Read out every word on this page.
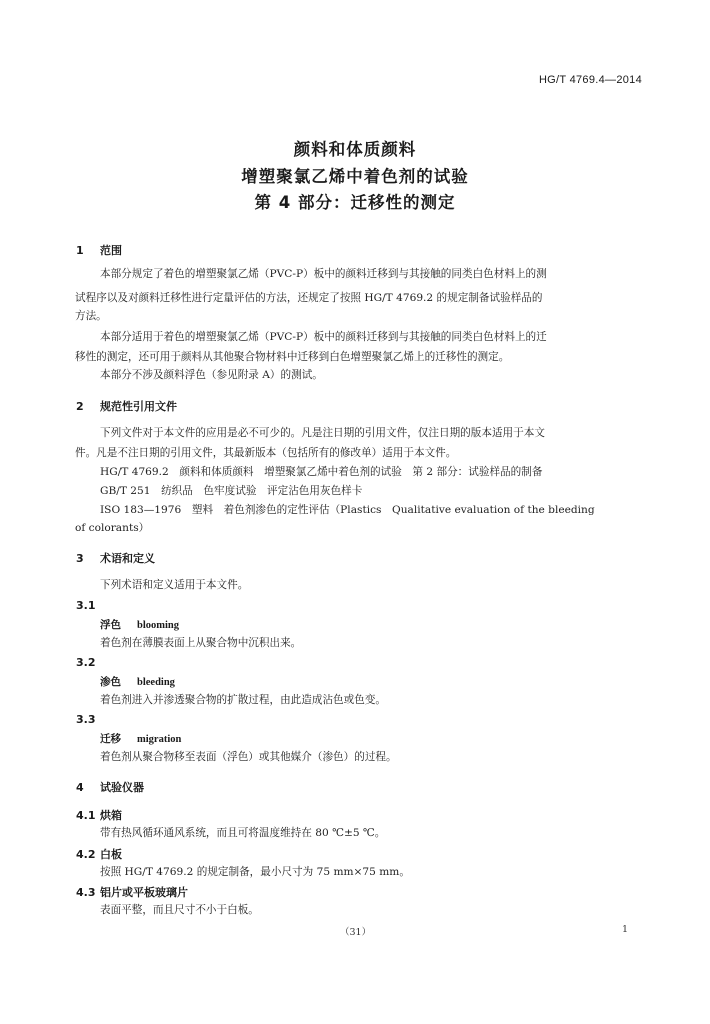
HG/T 4769.4—2014
颜料和体质颜料
增塑聚氯乙烯中着色剂的试验
第 4 部分：迁移性的测定
1 范围
本部分规定了着色的增塑聚氯乙烯（PVC-P）板中的颜料迁移到与其接触的同类白色材料上的测
试程序以及对颜料迁移性进行定量评估的方法，还规定了按照 HG/T 4769.2 的规定制备试验样品的
方法。
本部分适用于着色的增塑聚氯乙烯（PVC-P）板中的颜料迁移到与其接触的同类白色材料上的迁
移性的测定，还可用于颜料从其他聚合物材料中迁移到白色增塑聚氯乙烯上的迁移性的测定。
本部分不涉及颜料浮色（参见附录 A）的测试。
2 规范性引用文件
下列文件对于本文件的应用是必不可少的。凡是注日期的引用文件，仅注日期的版本适用于本文
件。凡是不注日期的引用文件，其最新版本（包括所有的修改单）适用于本文件。
HG/T 4769.2　颜料和体质颜料　增塑聚氯乙烯中着色剂的试验　第 2 部分：试验样品的制备
GB/T 251　纺织品　色牢度试验　评定沾色用灰色样卡
ISO 183—1976　塑料　着色剂渗色的定性评估（Plastics　Qualitative evaluation of the bleeding
of colorants）
3 术语和定义
下列术语和定义适用于本文件。
3.1
浮色 blooming
着色剂在薄膜表面上从聚合物中沉积出来。
3.2
渗色 bleeding
着色剂进入并渗透聚合物的扩散过程，由此造成沾色或色变。
3.3
迁移 migration
着色剂从聚合物移至表面（浮色）或其他媒介（渗色）的过程。
4 试验仪器
4.1 烘箱
带有热风循环通风系统，而且可将温度维持在 80 ℃±5 ℃。
4.2 白板
按照 HG/T 4769.2 的规定制备，最小尺寸为 75 mm×75 mm。
4.3 铝片或平板玻璃片
表面平整，而且尺寸不小于白板。
（31）	1
